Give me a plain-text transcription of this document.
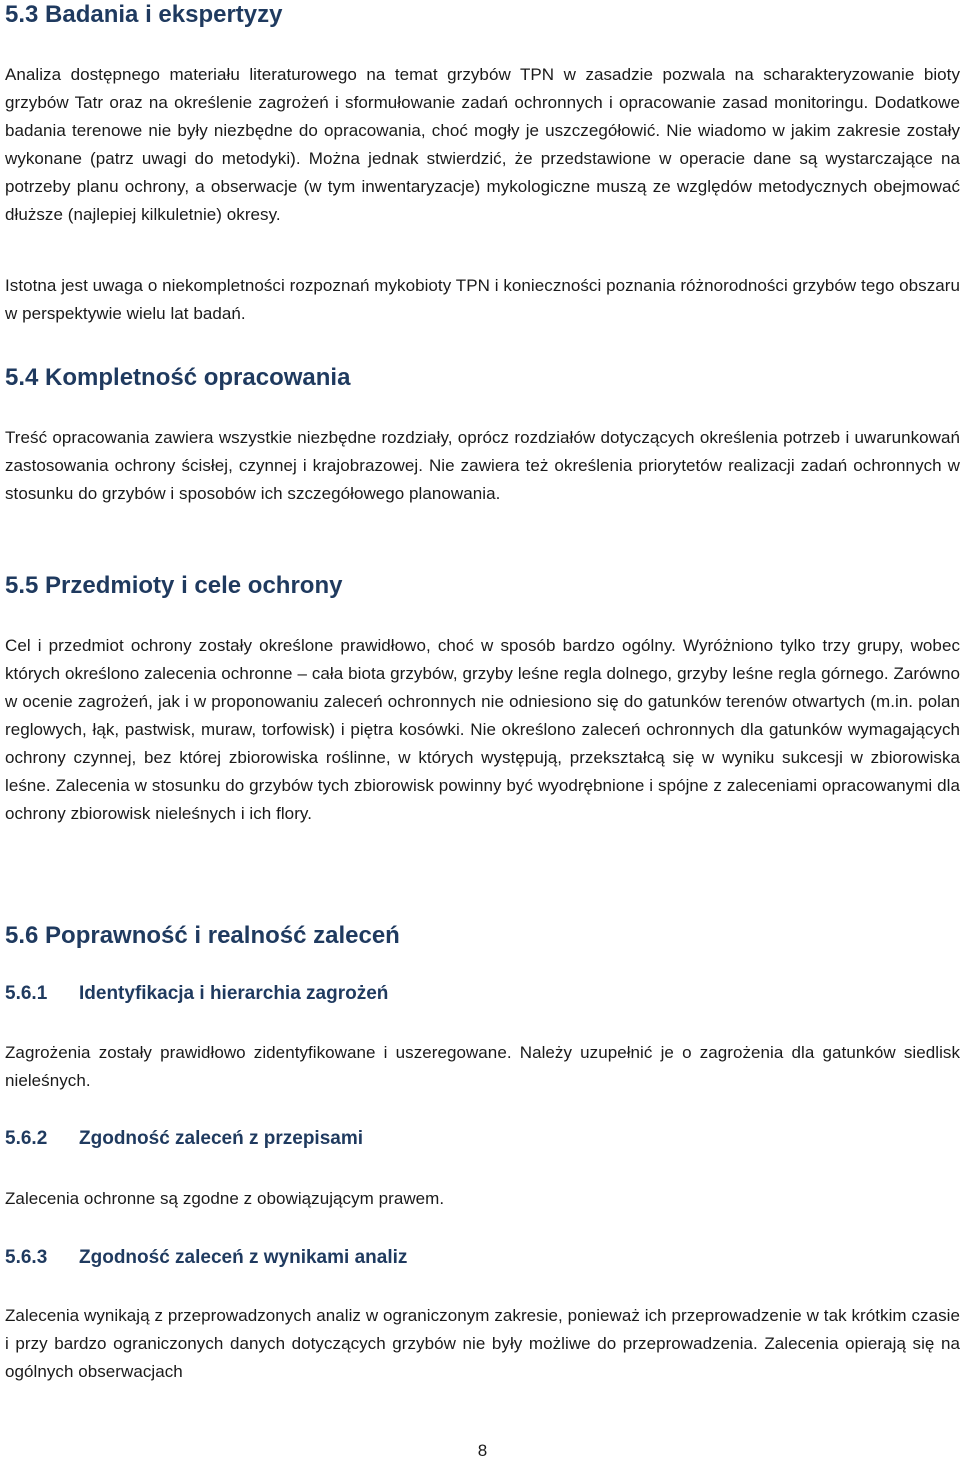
5.3 Badania i ekspertyzy

Analiza dostępnego materiału literaturowego na temat grzybów TPN w zasadzie pozwala na scharakteryzowanie bioty grzybów Tatr oraz na określenie zagrożeń i sformułowanie zadań ochronnych i opracowanie zasad monitoringu. Dodatkowe badania terenowe nie były niezbędne do opracowania, choć mogły je uszczegółowić. Nie wiadomo w jakim zakresie zostały wykonane (patrz uwagi do metodyki). Można jednak stwierdzić, że przedstawione w operacie dane są wystarczające na potrzeby planu ochrony, a obserwacje (w tym inwentaryzacje) mykologiczne muszą ze względów metodycznych obejmować dłuższe (najlepiej kilkuletnie) okresy.

Istotna jest uwaga o niekompletności rozpoznań mykobioty TPN i konieczności poznania różnorodności grzybów tego obszaru w perspektywie wielu lat badań.

5.4 Kompletność opracowania

Treść opracowania zawiera wszystkie niezbędne rozdziały, oprócz rozdziałów dotyczących określenia potrzeb i uwarunkowań zastosowania ochrony ścisłej, czynnej i krajobrazowej. Nie zawiera też określenia priorytetów realizacji zadań ochronnych w stosunku do grzybów i sposobów ich szczegółowego planowania.

5.5 Przedmioty i cele ochrony

Cel i przedmiot ochrony zostały określone prawidłowo, choć w sposób bardzo ogólny. Wyróżniono tylko trzy grupy, wobec których określono zalecenia ochronne – cała biota grzybów, grzyby leśne regla dolnego, grzyby leśne regla górnego. Zarówno w ocenie zagrożeń, jak i w proponowaniu zaleceń ochronnych nie odniesiono się do gatunków terenów otwartych (m.in. polan reglowych, łąk, pastwisk, muraw, torfowisk) i piętra kosówki. Nie określono zaleceń ochronnych dla gatunków wymagających ochrony czynnej, bez której zbiorowiska roślinne, w których występują, przekształcą się w wyniku sukcesji w zbiorowiska leśne. Zalecenia w stosunku do grzybów tych zbiorowisk powinny być wyodrębnione i spójne z zaleceniami opracowanymi dla ochrony zbiorowisk nieleśnych i ich flory.

5.6 Poprawność i realność zaleceń
5.6.1 Identyfikacja i hierarchia zagrożeń

Zagrożenia zostały prawidłowo zidentyfikowane i uszeregowane. Należy uzupełnić je o zagrożenia dla gatunków siedlisk nieleśnych.

5.6.2 Zgodność zaleceń z przepisami

Zalecenia ochronne są zgodne z obowiązującym prawem.

5.6.3 Zgodność zaleceń z wynikami analiz

Zalecenia wynikają z przeprowadzonych analiz w ograniczonym zakresie, ponieważ ich przeprowadzenie w tak krótkim czasie i przy bardzo ograniczonych danych dotyczących grzybów nie były możliwe do przeprowadzenia. Zalecenia opierają się na ogólnych obserwacjach

8
